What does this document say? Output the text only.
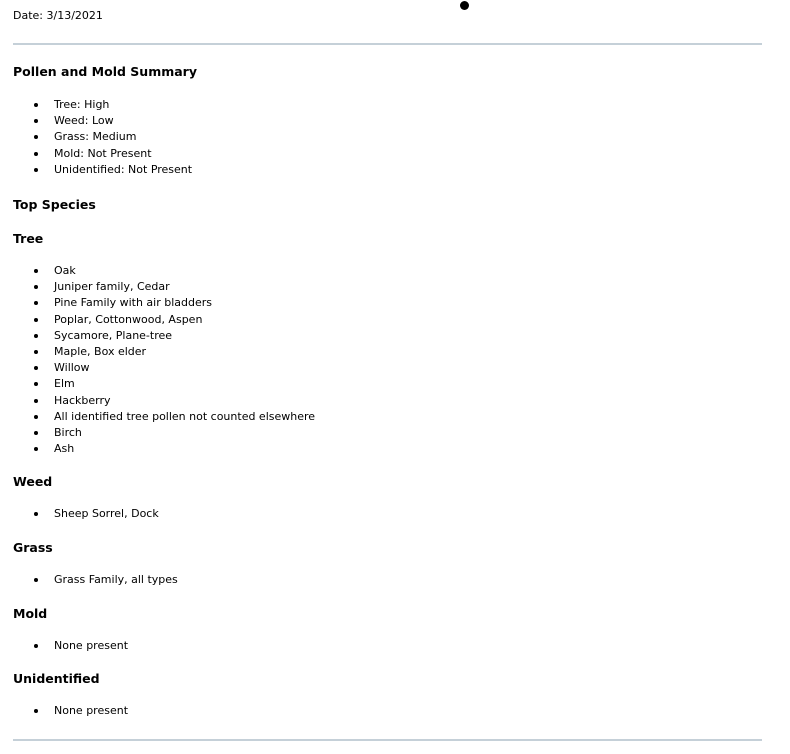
Date: 3/13/2021
Pollen and Mold Summary
Tree: High
Weed: Low
Grass: Medium
Mold: Not Present
Unidentified: Not Present
Top Species
Tree
Oak
Juniper family, Cedar
Pine Family with air bladders
Poplar, Cottonwood, Aspen
Sycamore, Plane-tree
Maple, Box elder
Willow
Elm
Hackberry
All identified tree pollen not counted elsewhere
Birch
Ash
Weed
Sheep Sorrel, Dock
Grass
Grass Family, all types
Mold
None present
Unidentified
None present
